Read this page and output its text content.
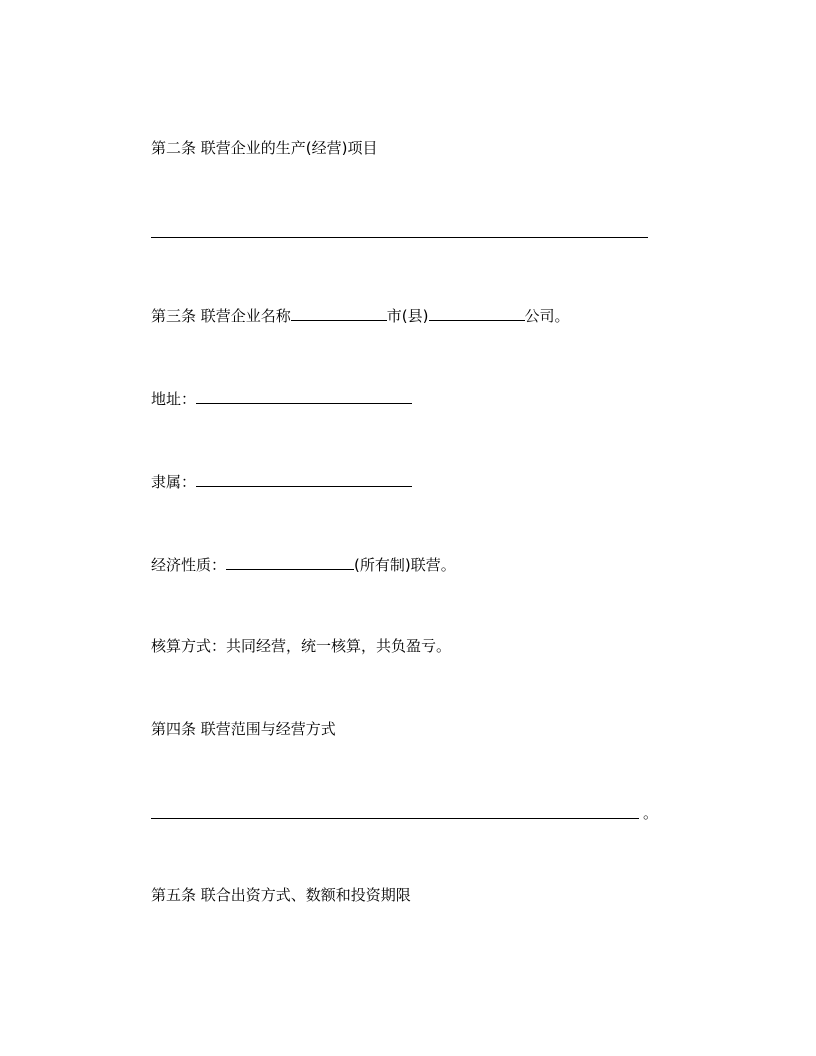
第二条 联营企业的生产(经营)项目
第三条 联营企业名称	市(县)	公司。
地址：
隶属：
经济性质：	(所有制)联营。
核算方式：共同经营，统一核算，共负盈亏。
第四条 联营范围与经营方式
。
第五条 联合出资方式、数额和投资期限
